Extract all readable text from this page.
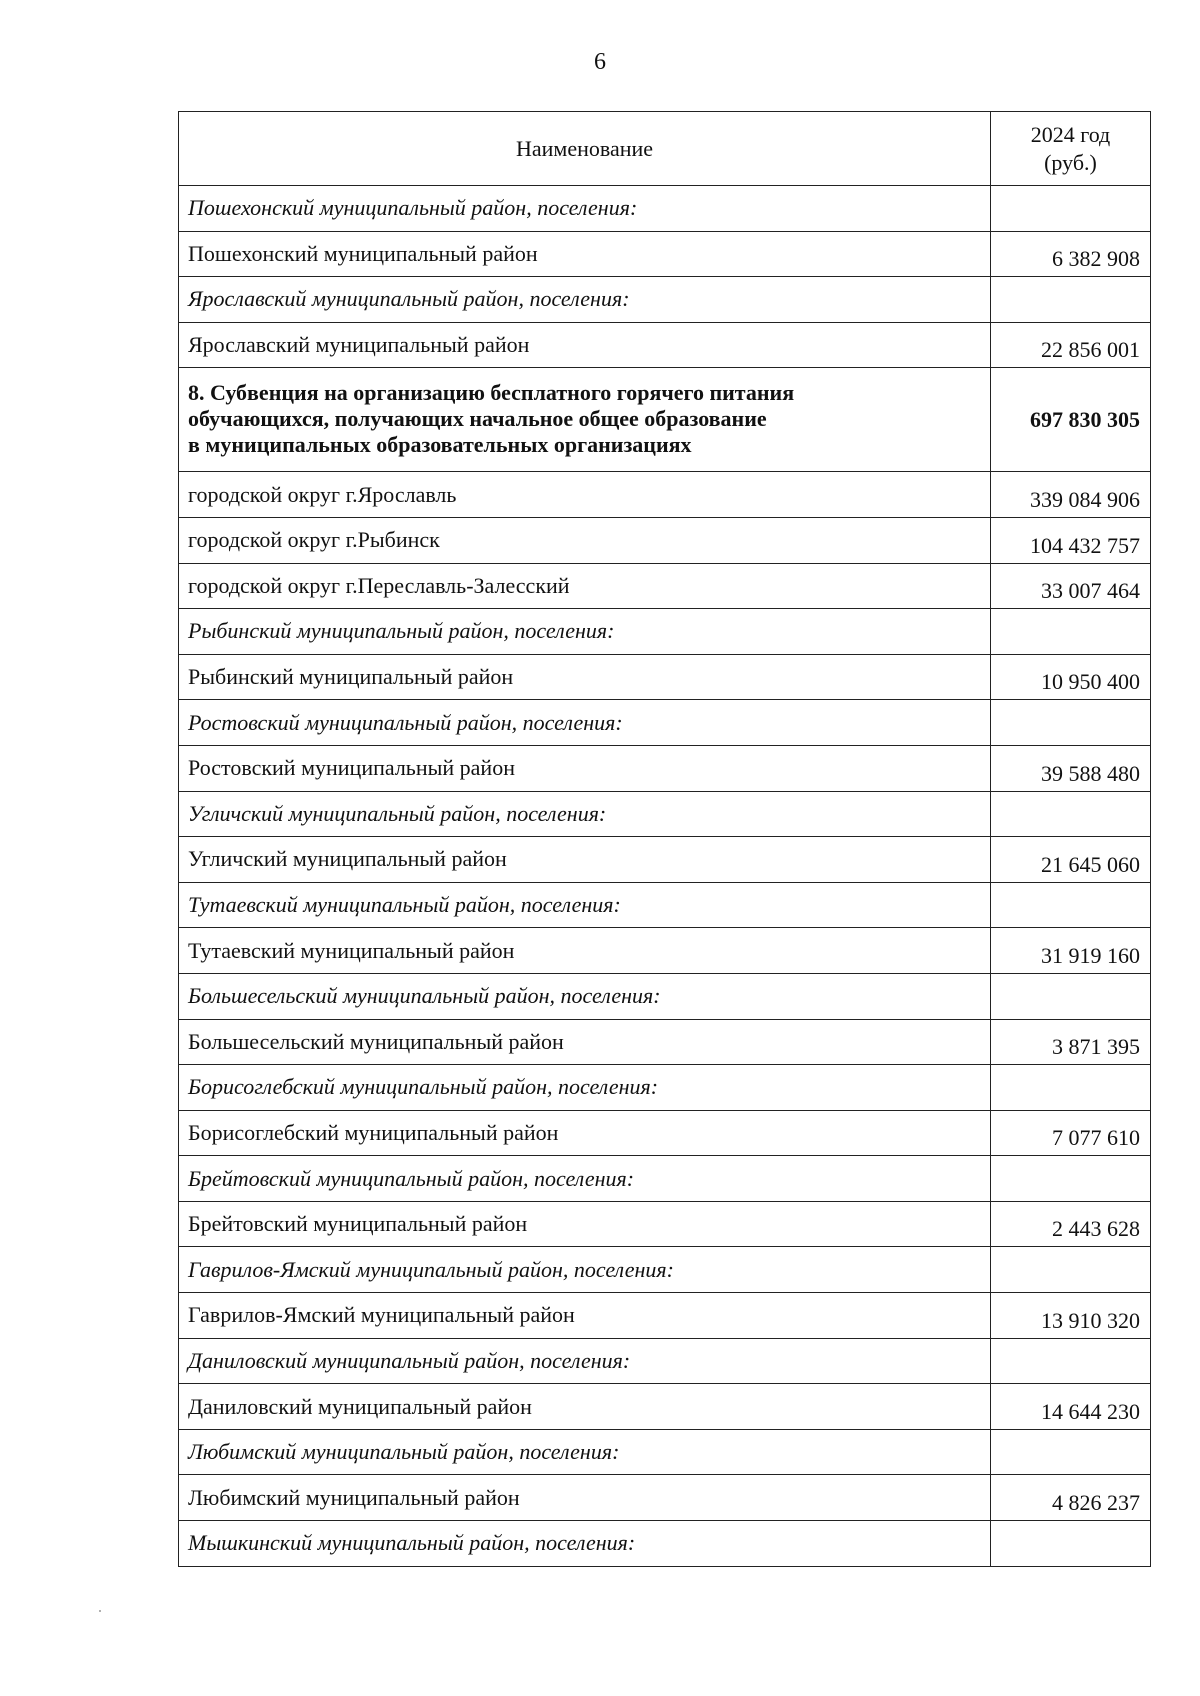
6
Наименование	2024 год
(руб.)
Пошехонский муниципальный район, поселения:	
Пошехонский муниципальный район	6 382 908
Ярославский муниципальный район, поселения:	
Ярославский муниципальный район	22 856 001
8. Субвенция на организацию бесплатного горячего питания
обучающихся, получающих начальное общее образование
в муниципальных образовательных организациях	697 830 305
городской округ г.Ярославль	339 084 906
городской округ г.Рыбинск	104 432 757
городской округ г.Переславль-Залесский	33 007 464
Рыбинский муниципальный район, поселения:	
Рыбинский муниципальный район	10 950 400
Ростовский муниципальный район, поселения:	
Ростовский муниципальный район	39 588 480
Угличский муниципальный район, поселения:	
Угличский муниципальный район	21 645 060
Тутаевский муниципальный район, поселения:	
Тутаевский муниципальный район	31 919 160
Большесельский муниципальный район, поселения:	
Большесельский муниципальный район	3 871 395
Борисоглебский муниципальный район, поселения:	
Борисоглебский муниципальный район	7 077 610
Брейтовский муниципальный район, поселения:	
Брейтовский муниципальный район	2 443 628
Гаврилов-Ямский муниципальный район, поселения:	
Гаврилов-Ямский муниципальный район	13 910 320
Даниловский муниципальный район, поселения:	
Даниловский муниципальный район	14 644 230
Любимский муниципальный район, поселения:	
Любимский муниципальный район	4 826 237
Мышкинский муниципальный район, поселения:	
